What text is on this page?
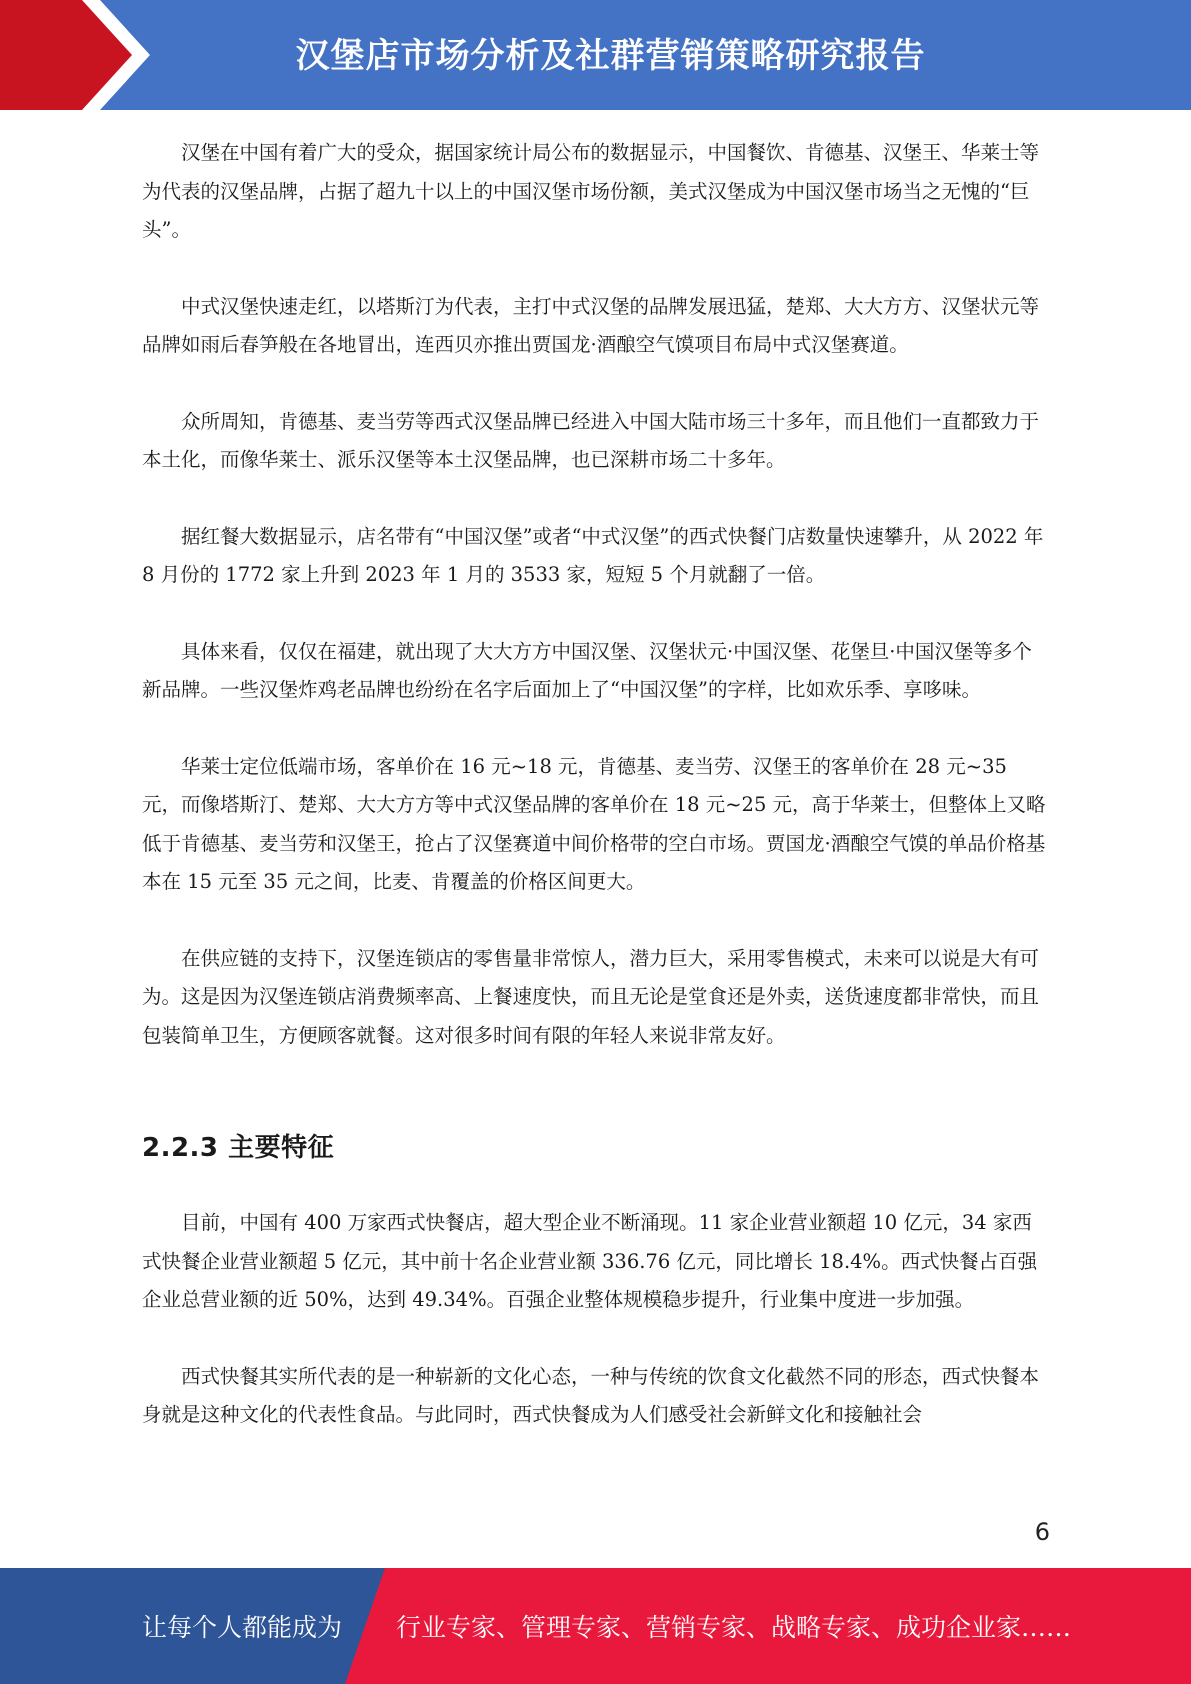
汉堡店市场分析及社群营销策略研究报告

汉堡在中国有着广大的受众，据国家统计局公布的数据显示，中国餐饮、肯德基、汉堡王、华莱士等为代表的汉堡品牌，占据了超九十以上的中国汉堡市场份额，美式汉堡成为中国汉堡市场当之无愧的“巨头”。

中式汉堡快速走红，以塔斯汀为代表，主打中式汉堡的品牌发展迅猛，楚郑、大大方方、汉堡状元等品牌如雨后春笋般在各地冒出，连西贝亦推出贾国龙·酒酿空气馍项目布局中式汉堡赛道。

众所周知，肯德基、麦当劳等西式汉堡品牌已经进入中国大陆市场三十多年，而且他们一直都致力于本土化，而像华莱士、派乐汉堡等本土汉堡品牌，也已深耕市场二十多年。

据红餐大数据显示，店名带有“中国汉堡”或者“中式汉堡”的西式快餐门店数量快速攀升，从 2022 年 8 月份的 1772 家上升到 2023 年 1 月的 3533 家，短短 5 个月就翻了一倍。

具体来看，仅仅在福建，就出现了大大方方中国汉堡、汉堡状元·中国汉堡、花堡旦·中国汉堡等多个新品牌。一些汉堡炸鸡老品牌也纷纷在名字后面加上了“中国汉堡”的字样，比如欢乐季、享哆味。

华莱士定位低端市场，客单价在 16 元~18 元，肯德基、麦当劳、汉堡王的客单价在 28 元~35 元，而像塔斯汀、楚郑、大大方方等中式汉堡品牌的客单价在 18 元~25 元，高于华莱士，但整体上又略低于肯德基、麦当劳和汉堡王，抢占了汉堡赛道中间价格带的空白市场。贾国龙·酒酿空气馍的单品价格基本在 15 元至 35 元之间，比麦、肯覆盖的价格区间更大。

在供应链的支持下，汉堡连锁店的零售量非常惊人，潜力巨大，采用零售模式，未来可以说是大有可为。这是因为汉堡连锁店消费频率高、上餐速度快，而且无论是堂食还是外卖，送货速度都非常快，而且包装简单卫生，方便顾客就餐。这对很多时间有限的年轻人来说非常友好。

2.2.3 主要特征

目前，中国有 400 万家西式快餐店，超大型企业不断涌现。11 家企业营业额超 10 亿元，34 家西式快餐企业营业额超 5 亿元，其中前十名企业营业额 336.76 亿元，同比增长 18.4%。西式快餐占百强企业总营业额的近 50%，达到 49.34%。百强企业整体规模稳步提升，行业集中度进一步加强。

西式快餐其实所代表的是一种崭新的文化心态，一种与传统的饮食文化截然不同的形态，西式快餐本身就是这种文化的代表性食品。与此同时，西式快餐成为人们感受社会新鲜文化和接触社会

6
让每个人都能成为 行业专家、管理专家、营销专家、战略专家、成功企业家……
